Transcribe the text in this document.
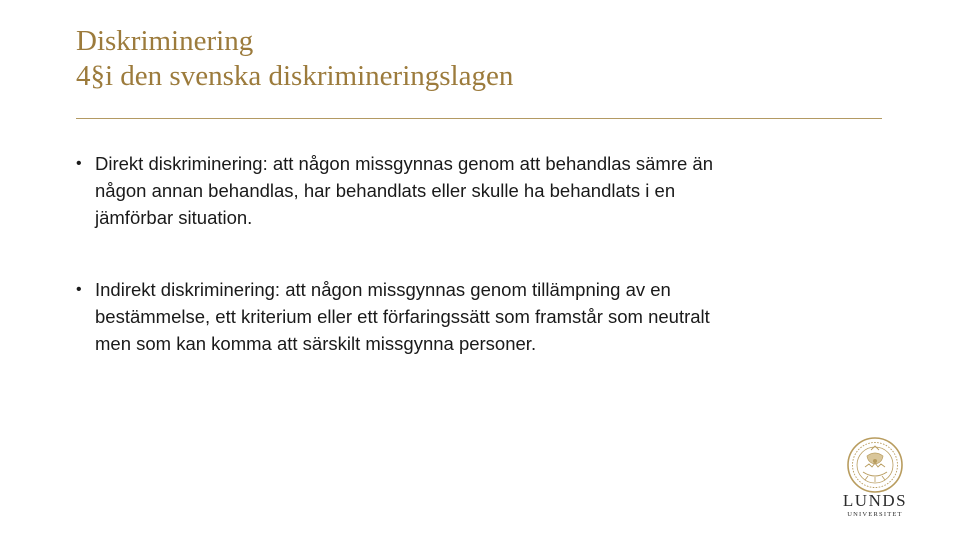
Diskriminering
4§i den svenska diskrimineringslagen
• Direkt diskriminering: att någon missgynnas genom att behandlas sämre än
någon annan behandlas, har behandlats eller skulle ha behandlats i en
jämförbar situation.
• Indirekt diskriminering: att någon missgynnas genom tillämpning av en
bestämmelse, ett kriterium eller ett förfaringssätt som framstår som neutralt
men som kan komma att särskilt missgynna personer.
LUNDS
UNIVERSITET
